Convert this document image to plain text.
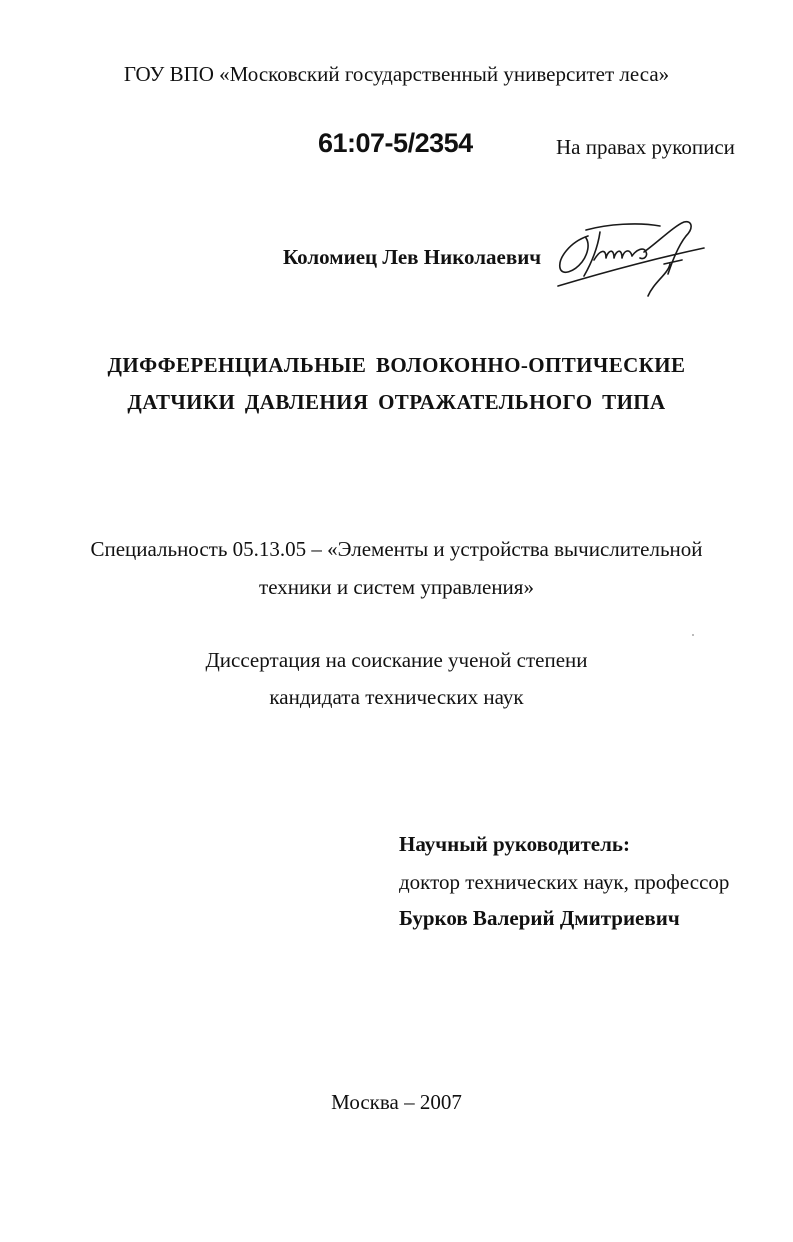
ГОУ ВПО «Московский государственный университет леса»
61:07-5/2354	На правах рукописи
Коломиец Лев Николаевич
ДИФФЕРЕНЦИАЛЬНЫЕ ВОЛОКОННО-ОПТИЧЕСКИЕ
ДАТЧИКИ ДАВЛЕНИЯ ОТРАЖАТЕЛЬНОГО ТИПА
Специальность 05.13.05 – «Элементы и устройства вычислительной
техники и систем управления»
Диссертация на соискание ученой степени
кандидата технических наук
Научный руководитель:
доктор технических наук, профессор
Бурков Валерий Дмитриевич
Москва – 2007
